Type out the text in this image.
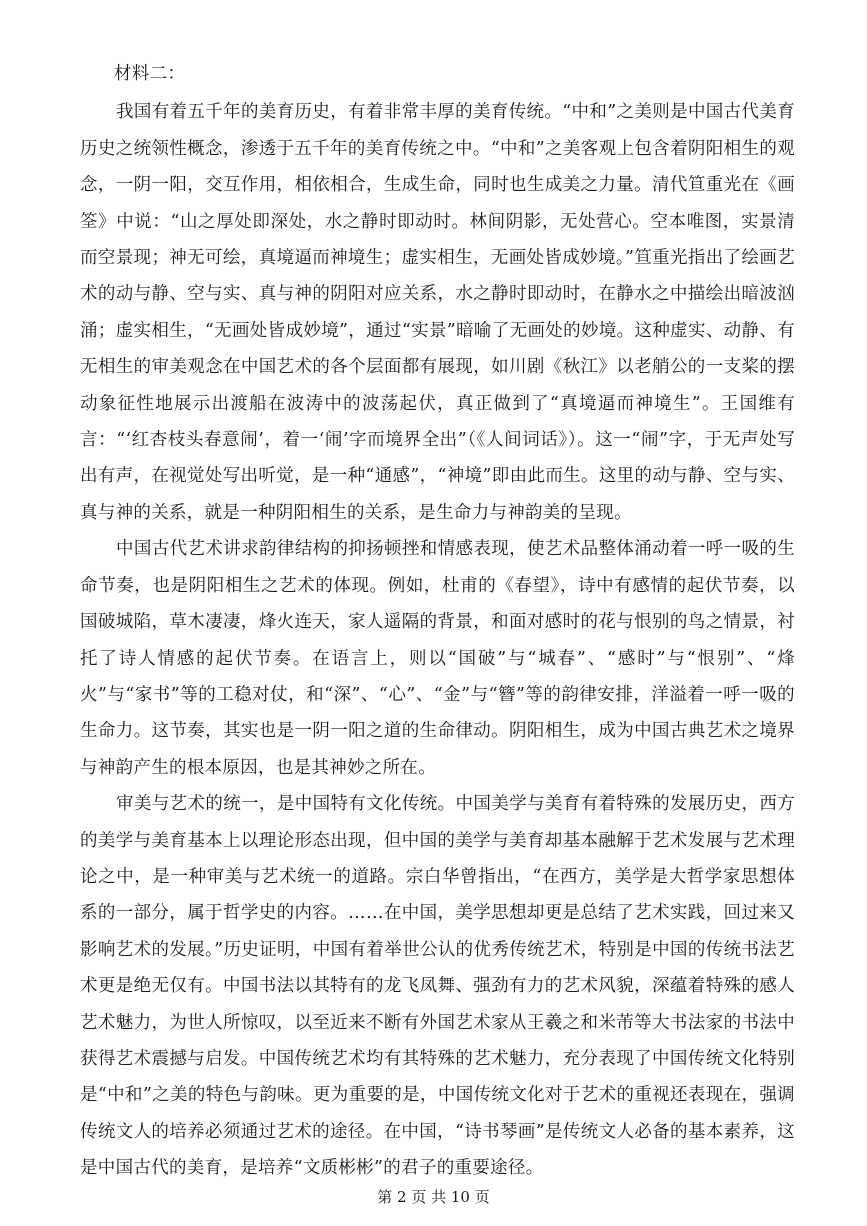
材料二：

我国有着五千年的美育历史，有着非常丰厚的美育传统。“中和”之美则是中国古代美育历史之统领性概念，渗透于五千年的美育传统之中。“中和”之美客观上包含着阴阳相生的观念，一阴一阳，交互作用，相依相合，生成生命，同时也生成美之力量。清代笪重光在《画筌》中说：“山之厚处即深处，水之静时即动时。林间阴影，无处营心。空本唯图，实景清而空景现；神无可绘，真境逼而神境生；虚实相生，无画处皆成妙境。”笪重光指出了绘画艺术的动与静、空与实、真与神的阴阳对应关系，水之静时即动时，在静水之中描绘出暗波汹涌；虚实相生，“无画处皆成妙境”，通过“实景”暗喻了无画处的妙境。这种虚实、动静、有无相生的审美观念在中国艺术的各个层面都有展现，如川剧《秋江》以老艄公的一支桨的摆动象征性地展示出渡船在波涛中的波荡起伏，真正做到了“真境逼而神境生”。王国维有言：“‘红杏枝头春意闹’，着一‘闹’字而境界全出”（《人间词话》）。这一“闹”字，于无声处写出有声，在视觉处写出听觉，是一种“通感”，“神境”即由此而生。这里的动与静、空与实、真与神的关系，就是一种阴阳相生的关系，是生命力与神韵美的呈现。

中国古代艺术讲求韵律结构的抑扬顿挫和情感表现，使艺术品整体涌动着一呼一吸的生命节奏，也是阴阳相生之艺术的体现。例如，杜甫的《春望》，诗中有感情的起伏节奏，以国破城陷，草木凄凄，烽火连天，家人遥隔的背景，和面对感时的花与恨别的鸟之情景，衬托了诗人情感的起伏节奏。在语言上，则以“国破”与“城春”、“感时”与“恨别”、“烽火”与“家书”等的工稳对仗，和“深”、“心”、“金”与“簪”等的韵律安排，洋溢着一呼一吸的生命力。这节奏，其实也是一阴一阳之道的生命律动。阴阳相生，成为中国古典艺术之境界与神韵产生的根本原因，也是其神妙之所在。

审美与艺术的统一，是中国特有文化传统。中国美学与美育有着特殊的发展历史，西方的美学与美育基本上以理论形态出现，但中国的美学与美育却基本融解于艺术发展与艺术理论之中，是一种审美与艺术统一的道路。宗白华曾指出，“在西方，美学是大哲学家思想体系的一部分，属于哲学史的内容。……在中国，美学思想却更是总结了艺术实践，回过来又影响艺术的发展。”历史证明，中国有着举世公认的优秀传统艺术，特别是中国的传统书法艺术更是绝无仅有。中国书法以其特有的龙飞凤舞、强劲有力的艺术风貌，深蕴着特殊的感人艺术魅力，为世人所惊叹，以至近来不断有外国艺术家从王羲之和米芾等大书法家的书法中获得艺术震撼与启发。中国传统艺术均有其特殊的艺术魅力，充分表现了中国传统文化特别是“中和”之美的特色与韵味。更为重要的是，中国传统文化对于艺术的重视还表现在，强调传统文人的培养必须通过艺术的途径。在中国，“诗书琴画”是传统文人必备的基本素养，这是中国古代的美育，是培养“文质彬彬”的君子的重要途径。

第 2 页 共 10 页
